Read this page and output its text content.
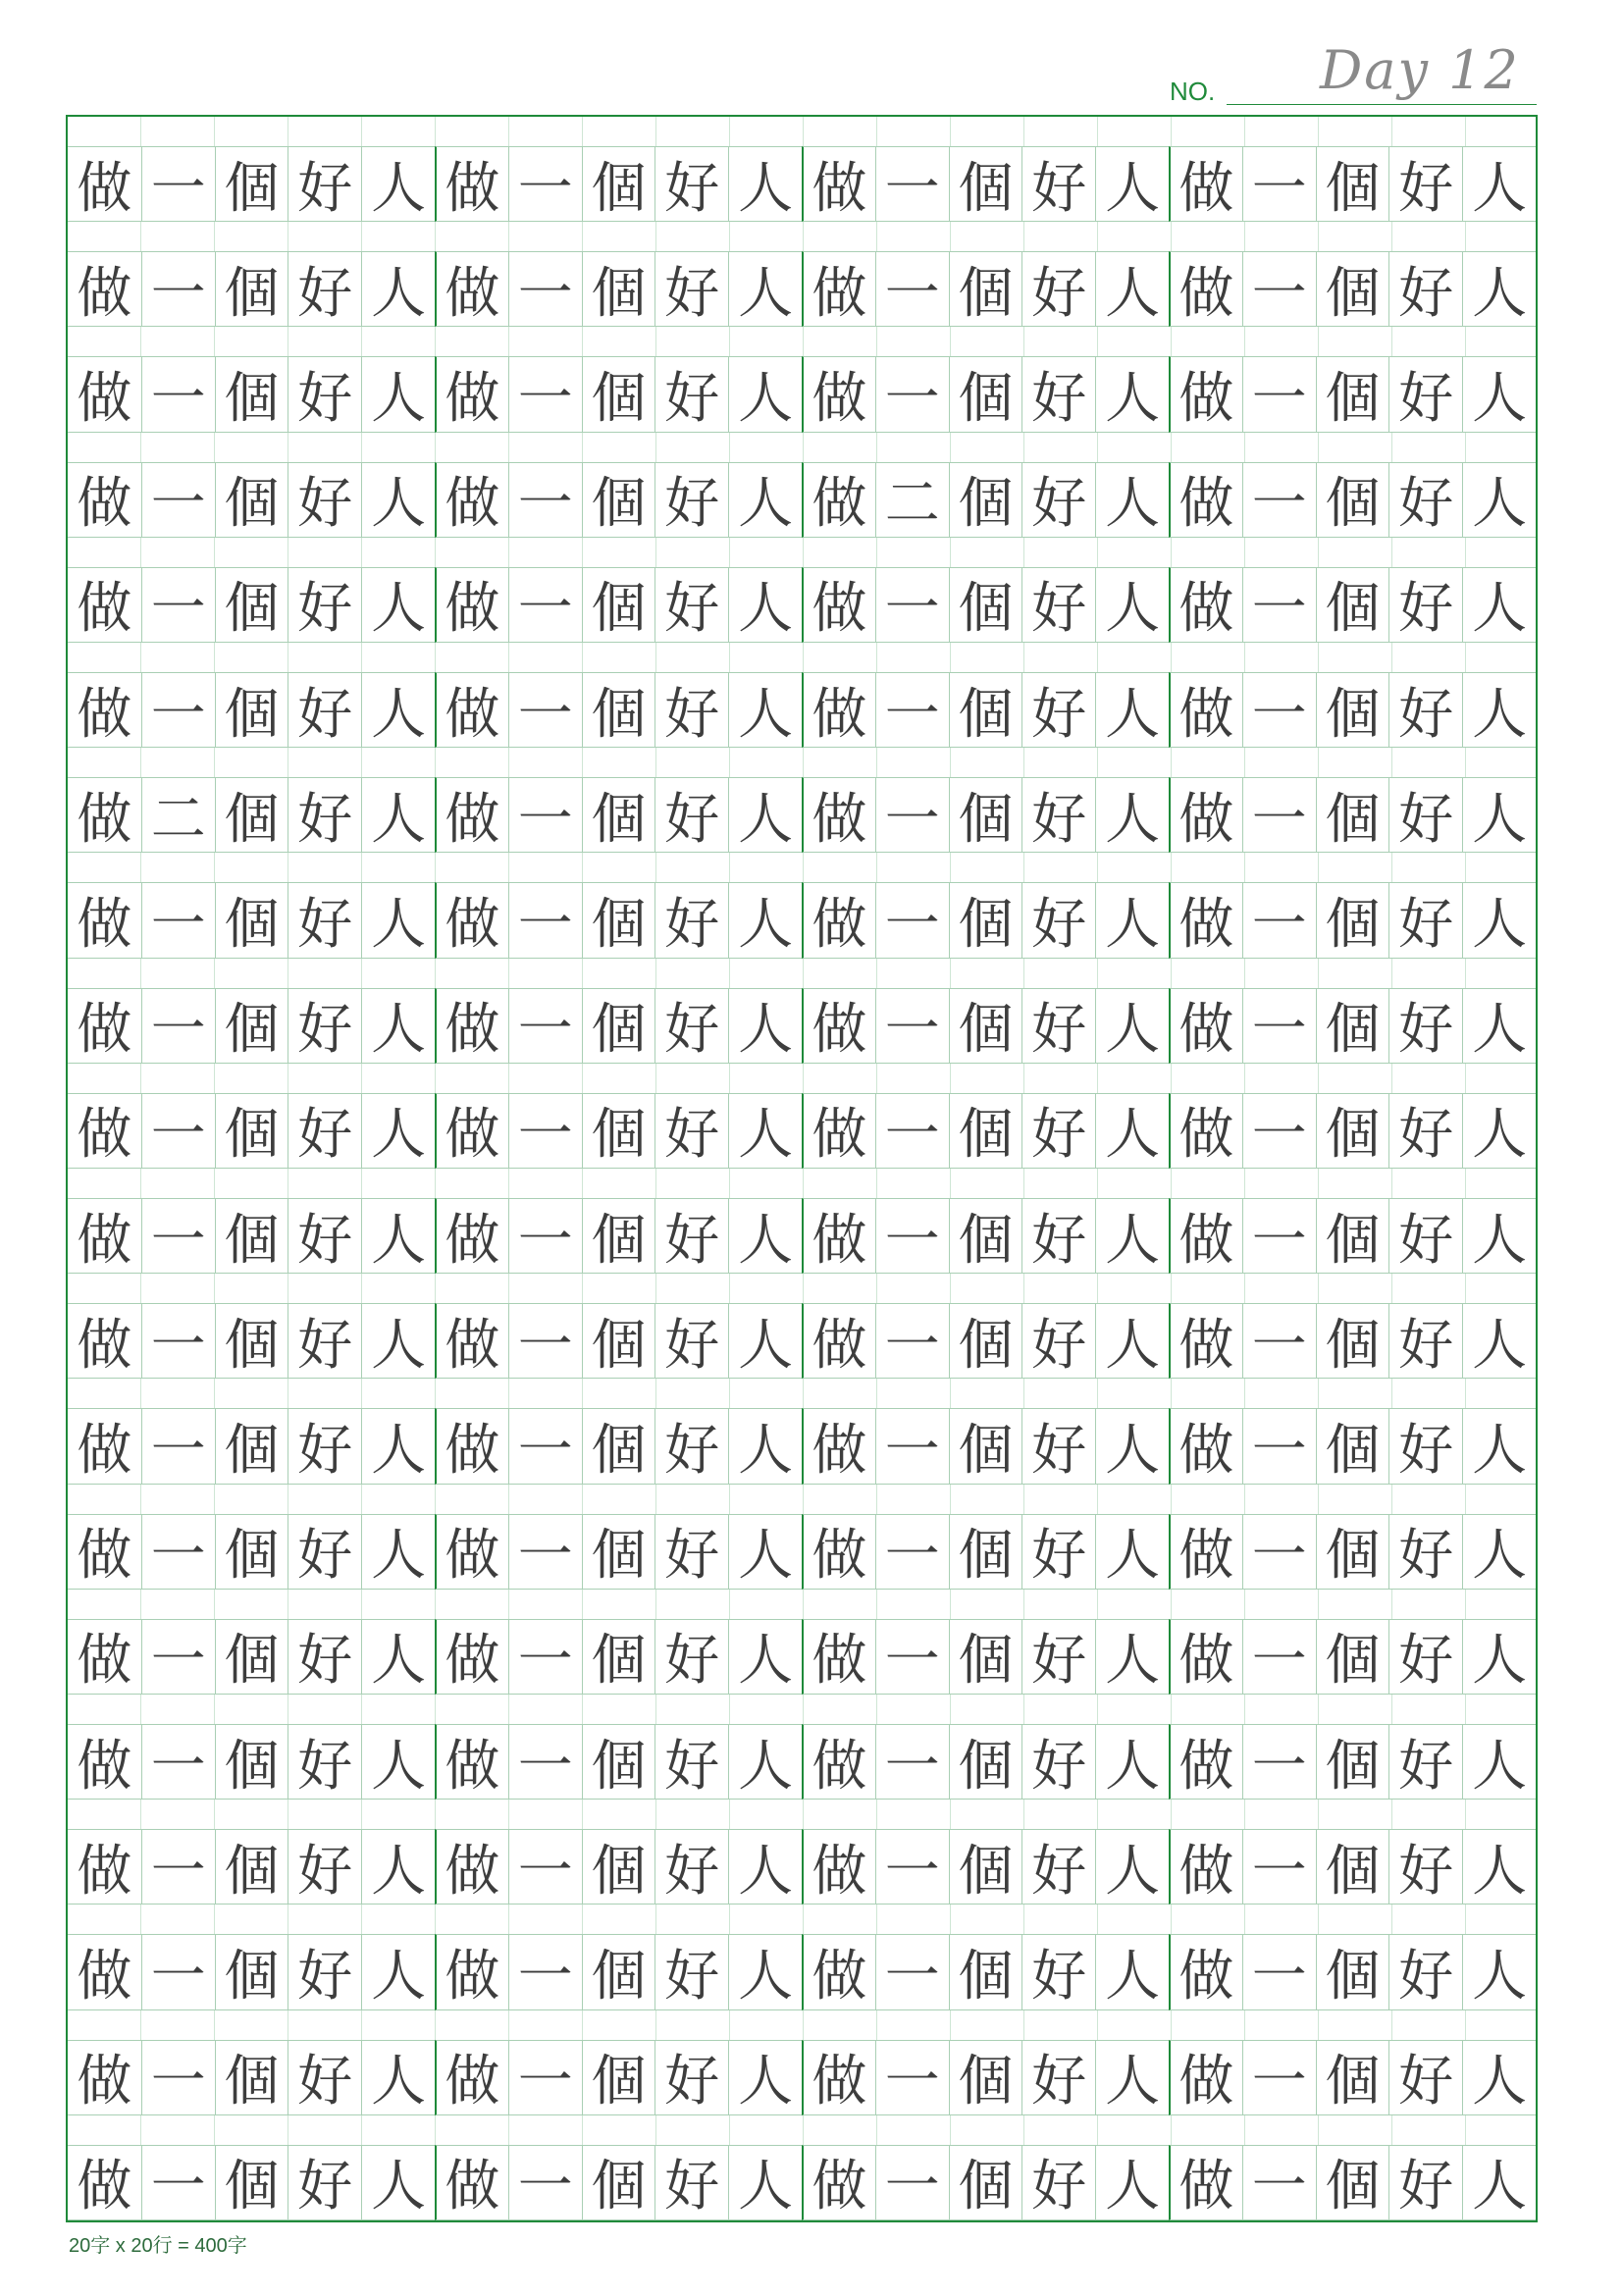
NO. Day 12
做 一 個 好 人 做 一 個 好 人 做 一 個 好 人 做 一 個 好 人
做 一 個 好 人 做 一 個 好 人 做 一 個 好 人 做 一 個 好 人
做 一 個 好 人 做 一 個 好 人 做 一 個 好 人 做 一 個 好 人
做 一 個 好 人 做 一 個 好 人 做 二 個 好 人 做 一 個 好 人
做 一 個 好 人 做 一 個 好 人 做 一 個 好 人 做 一 個 好 人
做 一 個 好 人 做 一 個 好 人 做 一 個 好 人 做 一 個 好 人
做 二 個 好 人 做 一 個 好 人 做 一 個 好 人 做 一 個 好 人
做 一 個 好 人 做 一 個 好 人 做 一 個 好 人 做 一 個 好 人
做 一 個 好 人 做 一 個 好 人 做 一 個 好 人 做 一 個 好 人
做 一 個 好 人 做 一 個 好 人 做 一 個 好 人 做 一 個 好 人
做 一 個 好 人 做 一 個 好 人 做 一 個 好 人 做 一 個 好 人
做 一 個 好 人 做 一 個 好 人 做 一 個 好 人 做 一 個 好 人
做 一 個 好 人 做 一 個 好 人 做 一 個 好 人 做 一 個 好 人
做 一 個 好 人 做 一 個 好 人 做 一 個 好 人 做 一 個 好 人
做 一 個 好 人 做 一 個 好 人 做 一 個 好 人 做 一 個 好 人
做 一 個 好 人 做 一 個 好 人 做 一 個 好 人 做 一 個 好 人
做 一 個 好 人 做 一 個 好 人 做 一 個 好 人 做 一 個 好 人
做 一 個 好 人 做 一 個 好 人 做 一 個 好 人 做 一 個 好 人
做 一 個 好 人 做 一 個 好 人 做 一 個 好 人 做 一 個 好 人
做 一 個 好 人 做 一 個 好 人 做 一 個 好 人 做 一 個 好 人
20字 x 20行 = 400字
